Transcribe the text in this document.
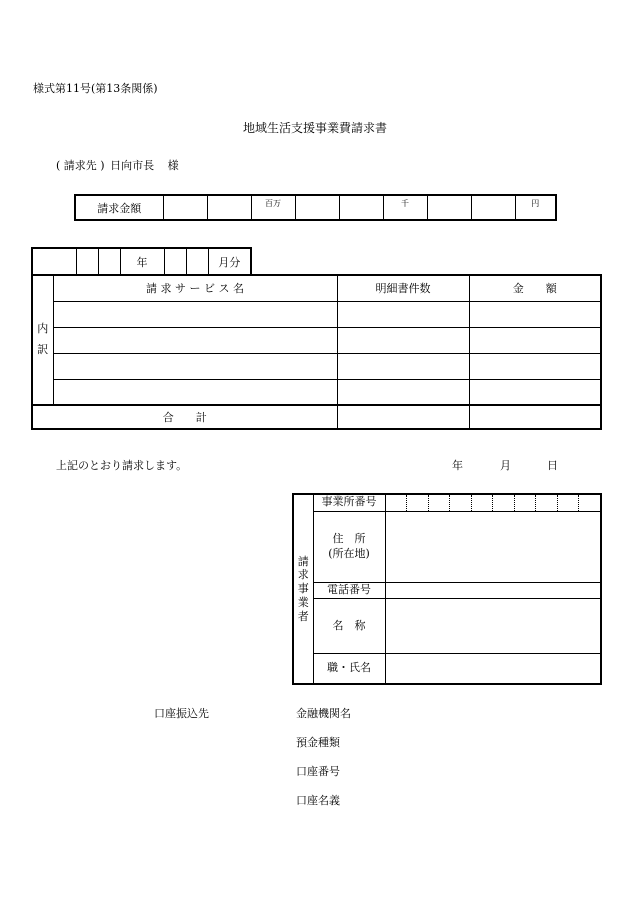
様式第11号(第13条関係)
地域生活支援事業費請求書
( 請求先 ) 日向市長 様
請求金額			百万			千			円
			年			月分
内
訳	請 求 サ ー ビ ス 名	明細書件数	金　　額

合　　計			
上記のとおり請求します。	年	月	日
請
求
事
業
者	事業所番号	

	住　所
(所在地)	

	電話番号	
	名　称	
	職・氏名	
口座振込先	金融機関名
預金種類
口座番号
口座名義
